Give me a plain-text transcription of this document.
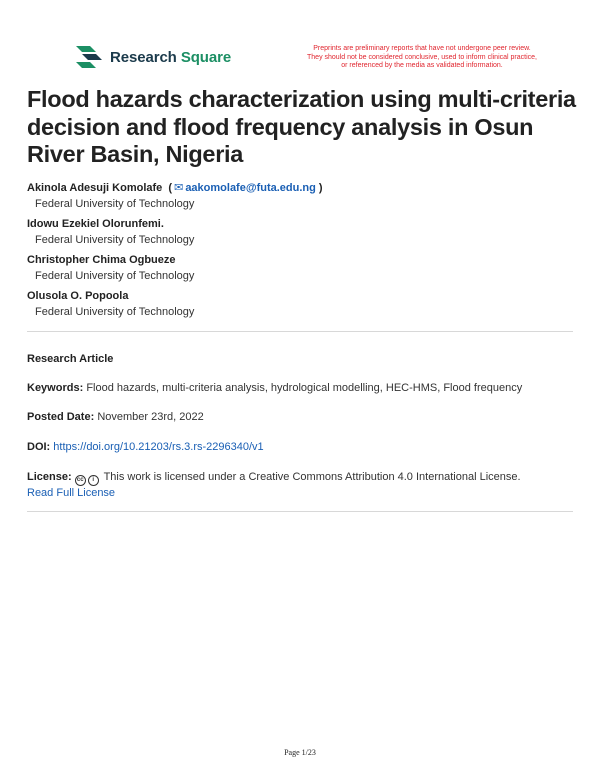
Research Square	Preprints are preliminary reports that have not undergone peer review.
They should not be considered conclusive, used to inform clinical practice,
or referenced by the media as validated information.
Flood hazards characterization using multi-criteria decision and flood frequency analysis in Osun River Basin, Nigeria
Akinola Adesuji Komolafe  ( ✉ aakomolafe@futa.edu.ng )
Federal University of Technology
Idowu Ezekiel Olorunfemi.
Federal University of Technology
Christopher Chima Ogbueze
Federal University of Technology
Olusola O. Popoola
Federal University of Technology
Research Article
Keywords: Flood hazards, multi-criteria analysis, hydrological modelling, HEC-HMS, Flood frequency
Posted Date: November 23rd, 2022
DOI: https://doi.org/10.21203/rs.3.rs-2296340/v1
License: cc i This work is licensed under a Creative Commons Attribution 4.0 International License.
Read Full License
Page 1/23
